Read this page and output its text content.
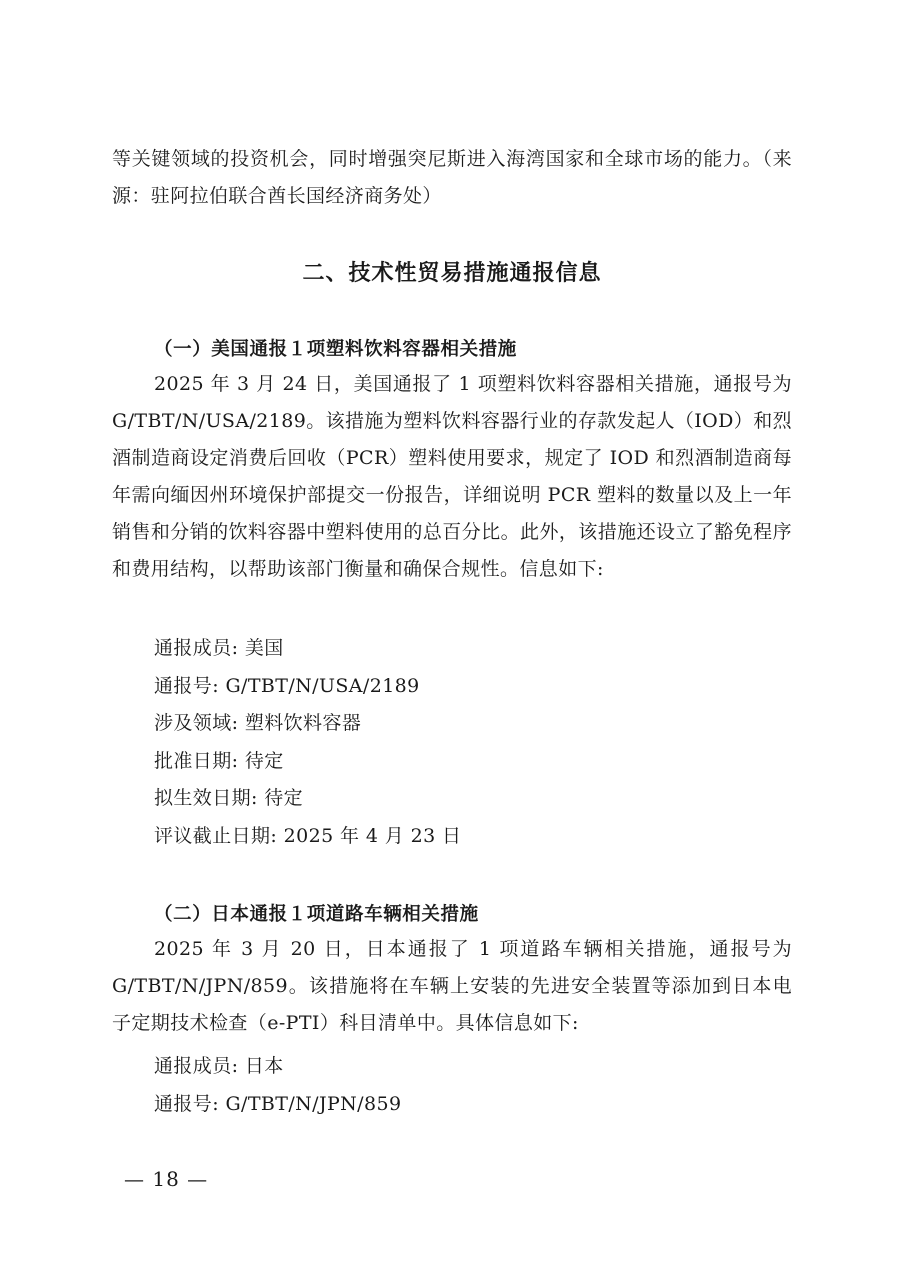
等关键领域的投资机会，同时增强突尼斯进入海湾国家和全球市场的能力。（来源：驻阿拉伯联合酋长国经济商务处）

二、技术性贸易措施通报信息
（一）美国通报１项塑料饮料容器相关措施

2025 年 3 月 24 日，美国通报了 1 项塑料饮料容器相关措施，通报号为 G/TBT/N/USA/2189。该措施为塑料饮料容器行业的存款发起人（IOD）和烈酒制造商设定消费后回收（PCR）塑料使用要求，规定了 IOD 和烈酒制造商每年需向缅因州环境保护部提交一份报告，详细说明 PCR 塑料的数量以及上一年销售和分销的饮料容器中塑料使用的总百分比。此外，该措施还设立了豁免程序和费用结构，以帮助该部门衡量和确保合规性。信息如下:

通报成员: 美国
通报号: G/TBT/N/USA/2189
涉及领域: 塑料饮料容器
批准日期: 待定
拟生效日期: 待定
评议截止日期: 2025 年 4 月 23 日
（二）日本通报１项道路车辆相关措施

2025 年 3 月 20 日，日本通报了 1 项道路车辆相关措施，通报号为 G/TBT/N/JPN/859。该措施将在车辆上安装的先进安全装置等添加到日本电子定期技术检查（e-PTI）科目清单中。具体信息如下:

通报成员: 日本
通报号: G/TBT/N/JPN/859
— 18 —
